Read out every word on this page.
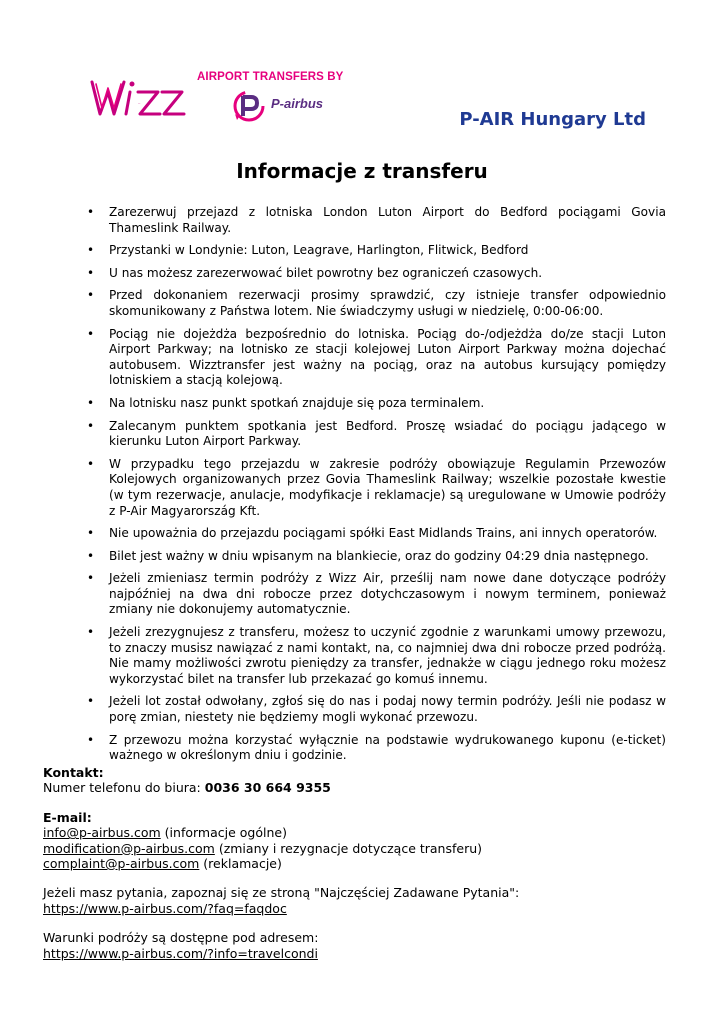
Wizz
AIRPORT TRANSFERS BY
P-airbus
P-AIR Hungary Ltd
Informacje z transferu
• Zarezerwuj przejazd z lotniska London Luton Airport do Bedford pociągami Govia Thameslink Railway.
• Przystanki w Londynie: Luton, Leagrave, Harlington, Flitwick, Bedford
• U nas możesz zarezerwować bilet powrotny bez ograniczeń czasowych.
• Przed dokonaniem rezerwacji prosimy sprawdzić, czy istnieje transfer odpowiednio skomunikowany z Państwa lotem. Nie świadczymy usługi w niedzielę, 0:00-06:00.
• Pociąg nie dojeżdża bezpośrednio do lotniska. Pociąg do-/odjeżdża do/ze stacji Luton Airport Parkway; na lotnisko ze stacji kolejowej Luton Airport Parkway można dojechać autobusem. Wizztransfer jest ważny na pociąg, oraz na autobus kursujący pomiędzy lotniskiem a stacją kolejową.
• Na lotnisku nasz punkt spotkań znajduje się poza terminalem.
• Zalecanym punktem spotkania jest Bedford. Proszę wsiadać do pociągu jadącego w kierunku Luton Airport Parkway.
• W przypadku tego przejazdu w zakresie podróży obowiązuje Regulamin Przewozów Kolejowych organizowanych przez Govia Thameslink Railway; wszelkie pozostałe kwestie (w tym rezerwacje, anulacje, modyfikacje i reklamacje) są uregulowane w Umowie podróży z P-Air Magyarország Kft.
• Nie upoważnia do przejazdu pociągami spółki East Midlands Trains, ani innych operatorów.
• Bilet jest ważny w dniu wpisanym na blankiecie, oraz do godziny 04:29 dnia następnego.
• Jeżeli zmieniasz termin podróży z Wizz Air, prześlij nam nowe dane dotyczące podróży najpóźniej na dwa dni robocze przez dotychczasowym i nowym terminem, ponieważ zmiany nie dokonujemy automatycznie.
• Jeżeli zrezygnujesz z transferu, możesz to uczynić zgodnie z warunkami umowy przewozu, to znaczy musisz nawiązać z nami kontakt, na, co najmniej dwa dni robocze przed podróżą. Nie mamy możliwości zwrotu pieniędzy za transfer, jednakże w ciągu jednego roku możesz wykorzystać bilet na transfer lub przekazać go komuś innemu.
• Jeżeli lot został odwołany, zgłoś się do nas i podaj nowy termin podróży. Jeśli nie podasz w porę zmian, niestety nie będziemy mogli wykonać przewozu.
• Z przewozu można korzystać wyłącznie na podstawie wydrukowanego kuponu (e-ticket) ważnego w określonym dniu i godzinie.

Kontakt:

Numer telefonu do biura: 0036 30 664 9355

E-mail:

info@p-airbus.com (informacje ogólne)

modification@p-airbus.com (zmiany i rezygnacje dotyczące transferu)

complaint@p-airbus.com (reklamacje)

Jeżeli masz pytania, zapoznaj się ze stroną "Najczęściej Zadawane Pytania":

https://www.p-airbus.com/?faq=faqdoc

Warunki podróży są dostępne pod adresem:

https://www.p-airbus.com/?info=travelcondi
